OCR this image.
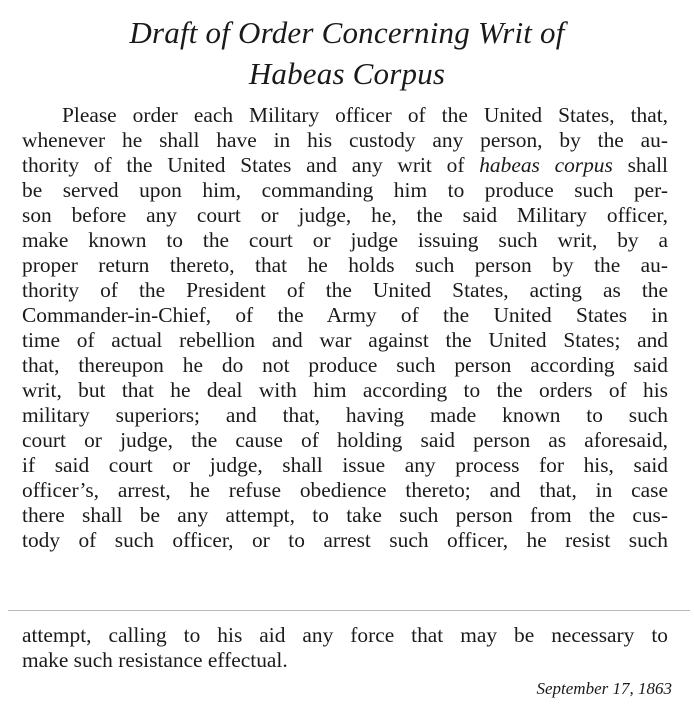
Draft of Order Concerning Writ of
Habeas Corpus
Please order each Military officer of the United States, that,
whenever he shall have in his custody any person, by the au-
thority of the United States and any writ of habeas corpus shall
be served upon him, commanding him to produce such per-
son before any court or judge, he, the said Military officer,
make known to the court or judge issuing such writ, by a
proper return thereto, that he holds such person by the au-
thority of the President of the United States, acting as the
Commander-in-Chief, of the Army of the United States in
time of actual rebellion and war against the United States; and
that, thereupon he do not produce such person according said
writ, but that he deal with him according to the orders of his
military superiors; and that, having made known to such
court or judge, the cause of holding said person as aforesaid,
if said court or judge, shall issue any process for his, said
officer’s, arrest, he refuse obedience thereto; and that, in case
there shall be any attempt, to take such person from the cus-
tody of such officer, or to arrest such officer, he resist such
attempt, calling to his aid any force that may be necessary to
make such resistance effectual.
September 17, 1863
